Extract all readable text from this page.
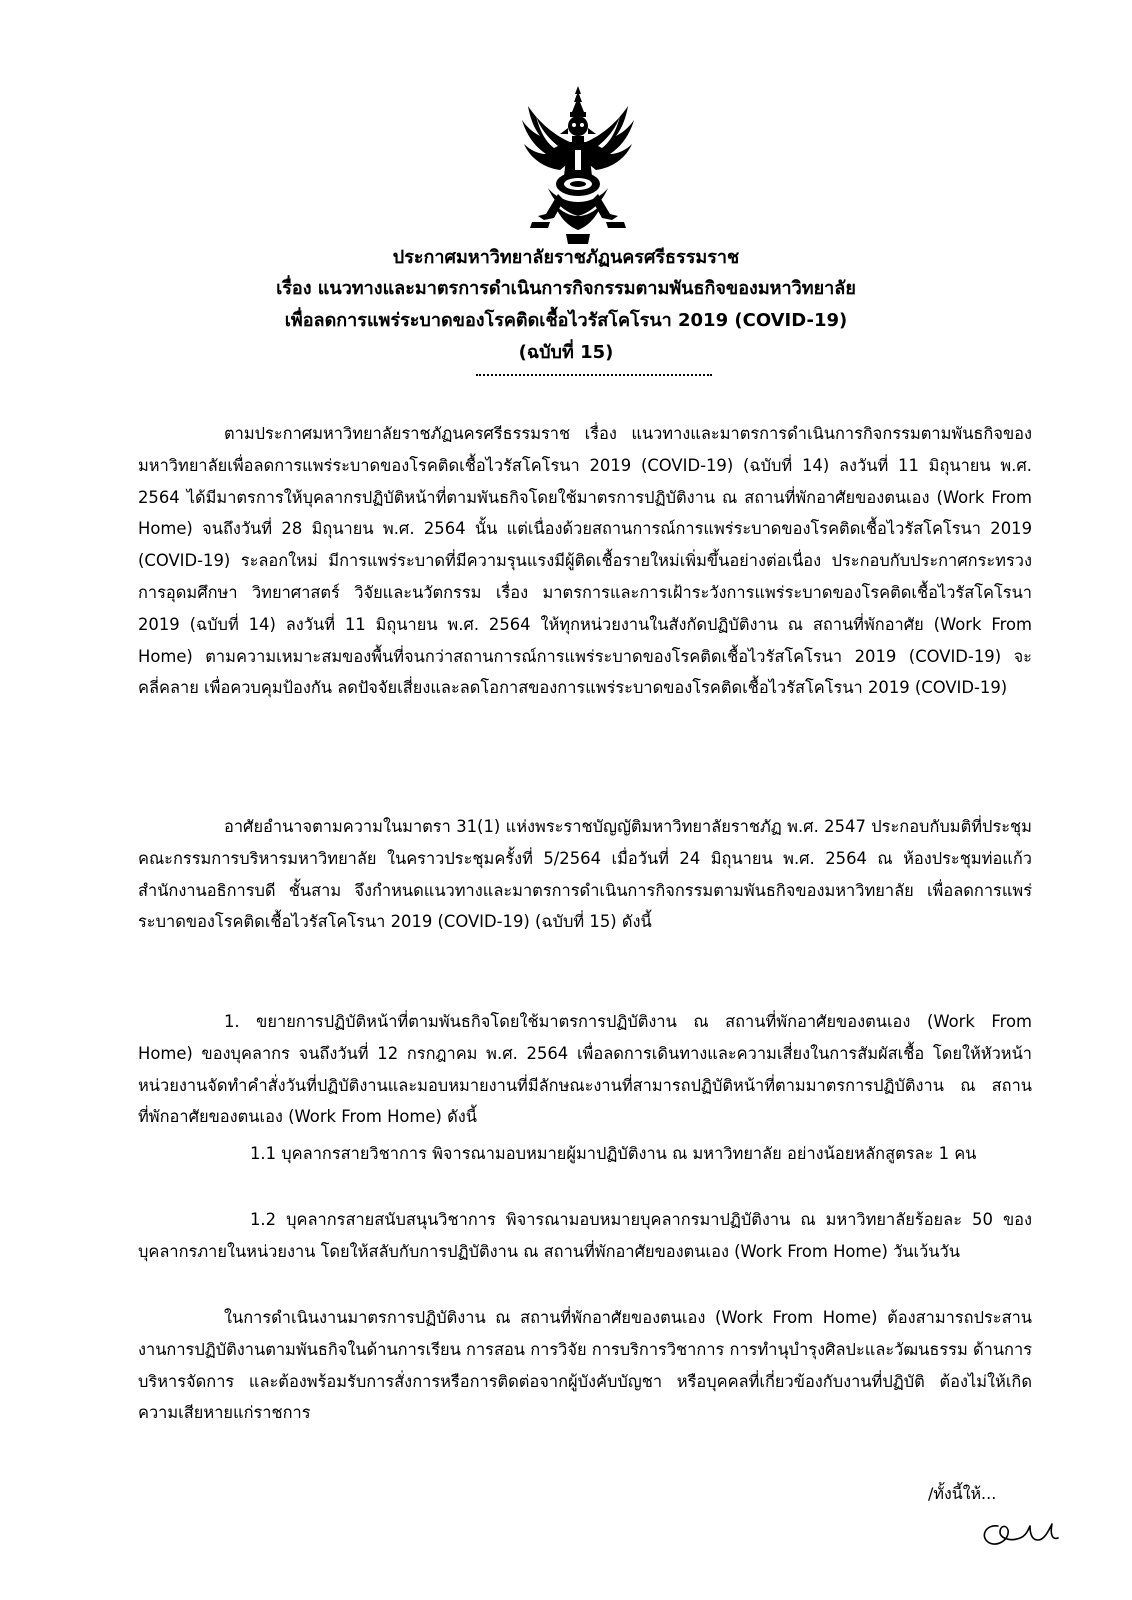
ประกาศมหาวิทยาลัยราชภัฏนครศรีธรรมราช
เรื่อง แนวทางและมาตรการดำเนินการกิจกรรมตามพันธกิจของมหาวิทยาลัย
เพื่อลดการแพร่ระบาดของโรคติดเชื้อไวรัสโคโรนา 2019 (COVID-19)
(ฉบับที่ 15)

ตามประกาศมหาวิทยาลัยราชภัฏนครศรีธรรมราช เรื่อง แนวทางและมาตรการดำเนินการกิจกรรมตามพันธกิจของมหาวิทยาลัยเพื่อลดการแพร่ระบาดของโรคติดเชื้อไวรัสโคโรนา 2019 (COVID-19) (ฉบับที่ 14) ลงวันที่ 11 มิถุนายน พ.ศ. 2564 ได้มีมาตรการให้บุคลากรปฏิบัติหน้าที่ตามพันธกิจโดยใช้มาตรการปฏิบัติงาน ณ สถานที่พักอาศัยของตนเอง (Work From Home) จนถึงวันที่ 28 มิถุนายน พ.ศ. 2564 นั้น แต่เนื่องด้วยสถานการณ์การแพร่ระบาดของโรคติดเชื้อไวรัสโคโรนา 2019 (COVID-19) ระลอกใหม่ มีการแพร่ระบาดที่มีความรุนแรงมีผู้ติดเชื้อรายใหม่เพิ่มขึ้นอย่างต่อเนื่อง ประกอบกับประกาศกระทรวงการอุดมศึกษา วิทยาศาสตร์ วิจัยและนวัตกรรม เรื่อง มาตรการและการเฝ้าระวังการแพร่ระบาดของโรคติดเชื้อไวรัสโคโรนา 2019 (ฉบับที่ 14) ลงวันที่ 11 มิถุนายน พ.ศ. 2564 ให้ทุกหน่วยงานในสังกัดปฏิบัติงาน ณ สถานที่พักอาศัย (Work From Home) ตามความเหมาะสมของพื้นที่จนกว่าสถานการณ์การแพร่ระบาดของโรคติดเชื้อไวรัสโคโรนา 2019 (COVID-19) จะคลี่คลาย เพื่อควบคุมป้องกัน ลดปัจจัยเสี่ยงและลดโอกาสของการแพร่ระบาดของโรคติดเชื้อไวรัสโคโรนา 2019 (COVID-19)

อาศัยอำนาจตามความในมาตรา 31(1) แห่งพระราชบัญญัติมหาวิทยาลัยราชภัฏ พ.ศ. 2547 ประกอบกับมติที่ประชุมคณะกรรมการบริหารมหาวิทยาลัย ในคราวประชุมครั้งที่ 5/2564 เมื่อวันที่ 24 มิถุนายน พ.ศ. 2564 ณ ห้องประชุมท่อแก้ว สำนักงานอธิการบดี ชั้นสาม จึงกำหนดแนวทางและมาตรการดำเนินการกิจกรรมตามพันธกิจของมหาวิทยาลัย เพื่อลดการแพร่ระบาดของโรคติดเชื้อไวรัสโคโรนา 2019 (COVID-19) (ฉบับที่ 15) ดังนี้

1. ขยายการปฏิบัติหน้าที่ตามพันธกิจโดยใช้มาตรการปฏิบัติงาน ณ สถานที่พักอาศัยของตนเอง (Work From Home) ของบุคลากร จนถึงวันที่ 12 กรกฎาคม พ.ศ. 2564 เพื่อลดการเดินทางและความเสี่ยงในการสัมผัสเชื้อ โดยให้หัวหน้าหน่วยงานจัดทำคำสั่งวันที่ปฏิบัติงานและมอบหมายงานที่มีลักษณะงานที่สามารถปฏิบัติหน้าที่ตามมาตรการปฏิบัติงาน ณ สถานที่พักอาศัยของตนเอง (Work From Home) ดังนี้

1.1 บุคลากรสายวิชาการ พิจารณามอบหมายผู้มาปฏิบัติงาน ณ มหาวิทยาลัย อย่างน้อยหลักสูตรละ 1 คน

1.2 บุคลากรสายสนับสนุนวิชาการ พิจารณามอบหมายบุคลากรมาปฏิบัติงาน ณ มหาวิทยาลัยร้อยละ 50 ของบุคลากรภายในหน่วยงาน โดยให้สลับกับการปฏิบัติงาน ณ สถานที่พักอาศัยของตนเอง (Work From Home) วันเว้นวัน

ในการดำเนินงานมาตรการปฏิบัติงาน ณ สถานที่พักอาศัยของตนเอง (Work From Home) ต้องสามารถประสานงานการปฏิบัติงานตามพันธกิจในด้านการเรียน การสอน การวิจัย การบริการวิชาการ การทำนุบำรุงศิลปะและวัฒนธรรม ด้านการบริหารจัดการ และต้องพร้อมรับการสั่งการหรือการติดต่อจากผู้บังคับบัญชา หรือบุคคลที่เกี่ยวข้องกับงานที่ปฏิบัติ ต้องไม่ให้เกิดความเสียหายแก่ราชการ

/ทั้งนี้ให้...
